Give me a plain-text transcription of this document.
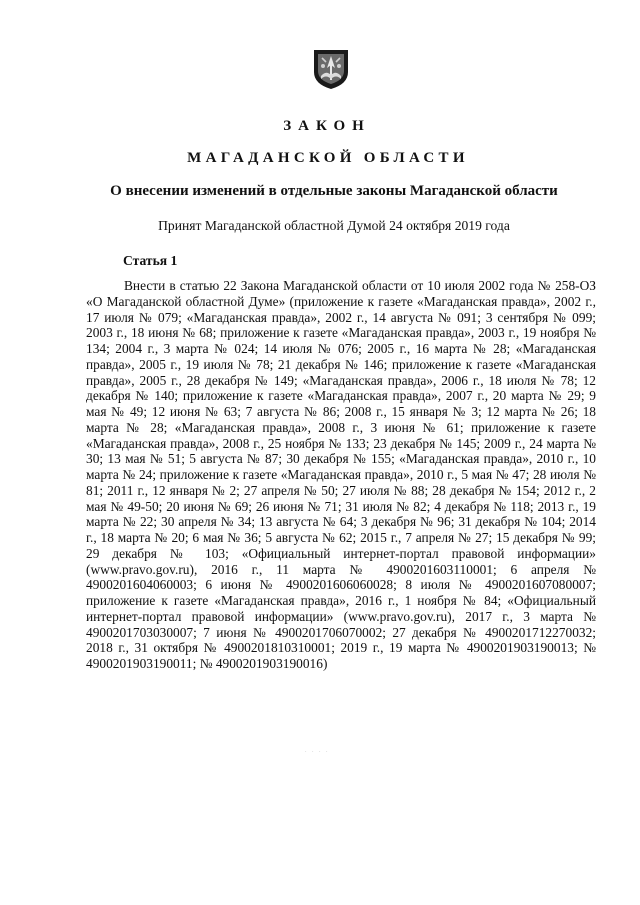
ЗАКОН
МАГАДАНСКОЙ ОБЛАСТИ
О внесении изменений в отдельные законы Магаданской области
Принят Магаданской областной Думой 24 октября 2019 года
Статья 1

Внести в статью 22 Закона Магаданской области от 10 июля 2002 года № 258-ОЗ «О Магаданской областной Думе» (приложение к газете «Магаданская правда», 2002 г., 17 июля № 079; «Магаданская правда», 2002 г., 14 августа № 091; 3 сентября № 099; 2003 г., 18 июня № 68; приложение к газете «Магаданская правда», 2003 г., 19 ноября № 134; 2004 г., 3 марта № 024; 14 июля № 076; 2005 г., 16 марта № 28; «Магаданская правда», 2005 г., 19 июля № 78; 21 декабря № 146; приложение к газете «Магаданская правда», 2005 г., 28 декабря № 149; «Магаданская правда», 2006 г., 18 июля № 78; 12 декабря № 140; приложение к газете «Магаданская правда», 2007 г., 20 марта № 29; 9 мая № 49; 12 июня № 63; 7 августа № 86; 2008 г., 15 января № 3; 12 марта № 26; 18 марта № 28; «Магаданская правда», 2008 г., 3 июня № 61; приложение к газете «Магаданская правда», 2008 г., 25 ноября № 133; 23 декабря № 145; 2009 г., 24 марта № 30; 13 мая № 51; 5 августа № 87; 30 декабря № 155; «Магаданская правда», 2010 г., 10 марта № 24; приложение к газете «Магаданская правда», 2010 г., 5 мая № 47; 28 июля № 81; 2011 г., 12 января № 2; 27 апреля № 50; 27 июля № 88; 28 декабря № 154; 2012 г., 2 мая № 49-50; 20 июня № 69; 26 июня № 71; 31 июля № 82; 4 декабря № 118; 2013 г., 19 марта № 22; 30 апреля № 34; 13 августа № 64; 3 декабря № 96; 31 декабря № 104; 2014 г., 18 марта № 20; 6 мая № 36; 5 августа № 62; 2015 г., 7 апреля № 27; 15 декабря № 99; 29 декабря № 103; «Официальный интернет-портал правовой информации» (www.pravo.gov.ru), 2016 г., 11 марта № 4900201603110001; 6 апреля № 4900201604060003; 6 июня № 4900201606060028; 8 июля № 4900201607080007; приложение к газете «Магаданская правда», 2016 г., 1 ноября № 84; «Официальный интернет-портал правовой информации» (www.pravo.gov.ru), 2017 г., 3 марта № 4900201703030007; 7 июня № 4900201706070002; 27 декабря № 4900201712270032; 2018 г., 31 октября № 4900201810310001; 2019 г., 19 марта № 4900201903190013; № 4900201903190011; № 4900201903190016)

. . . .
